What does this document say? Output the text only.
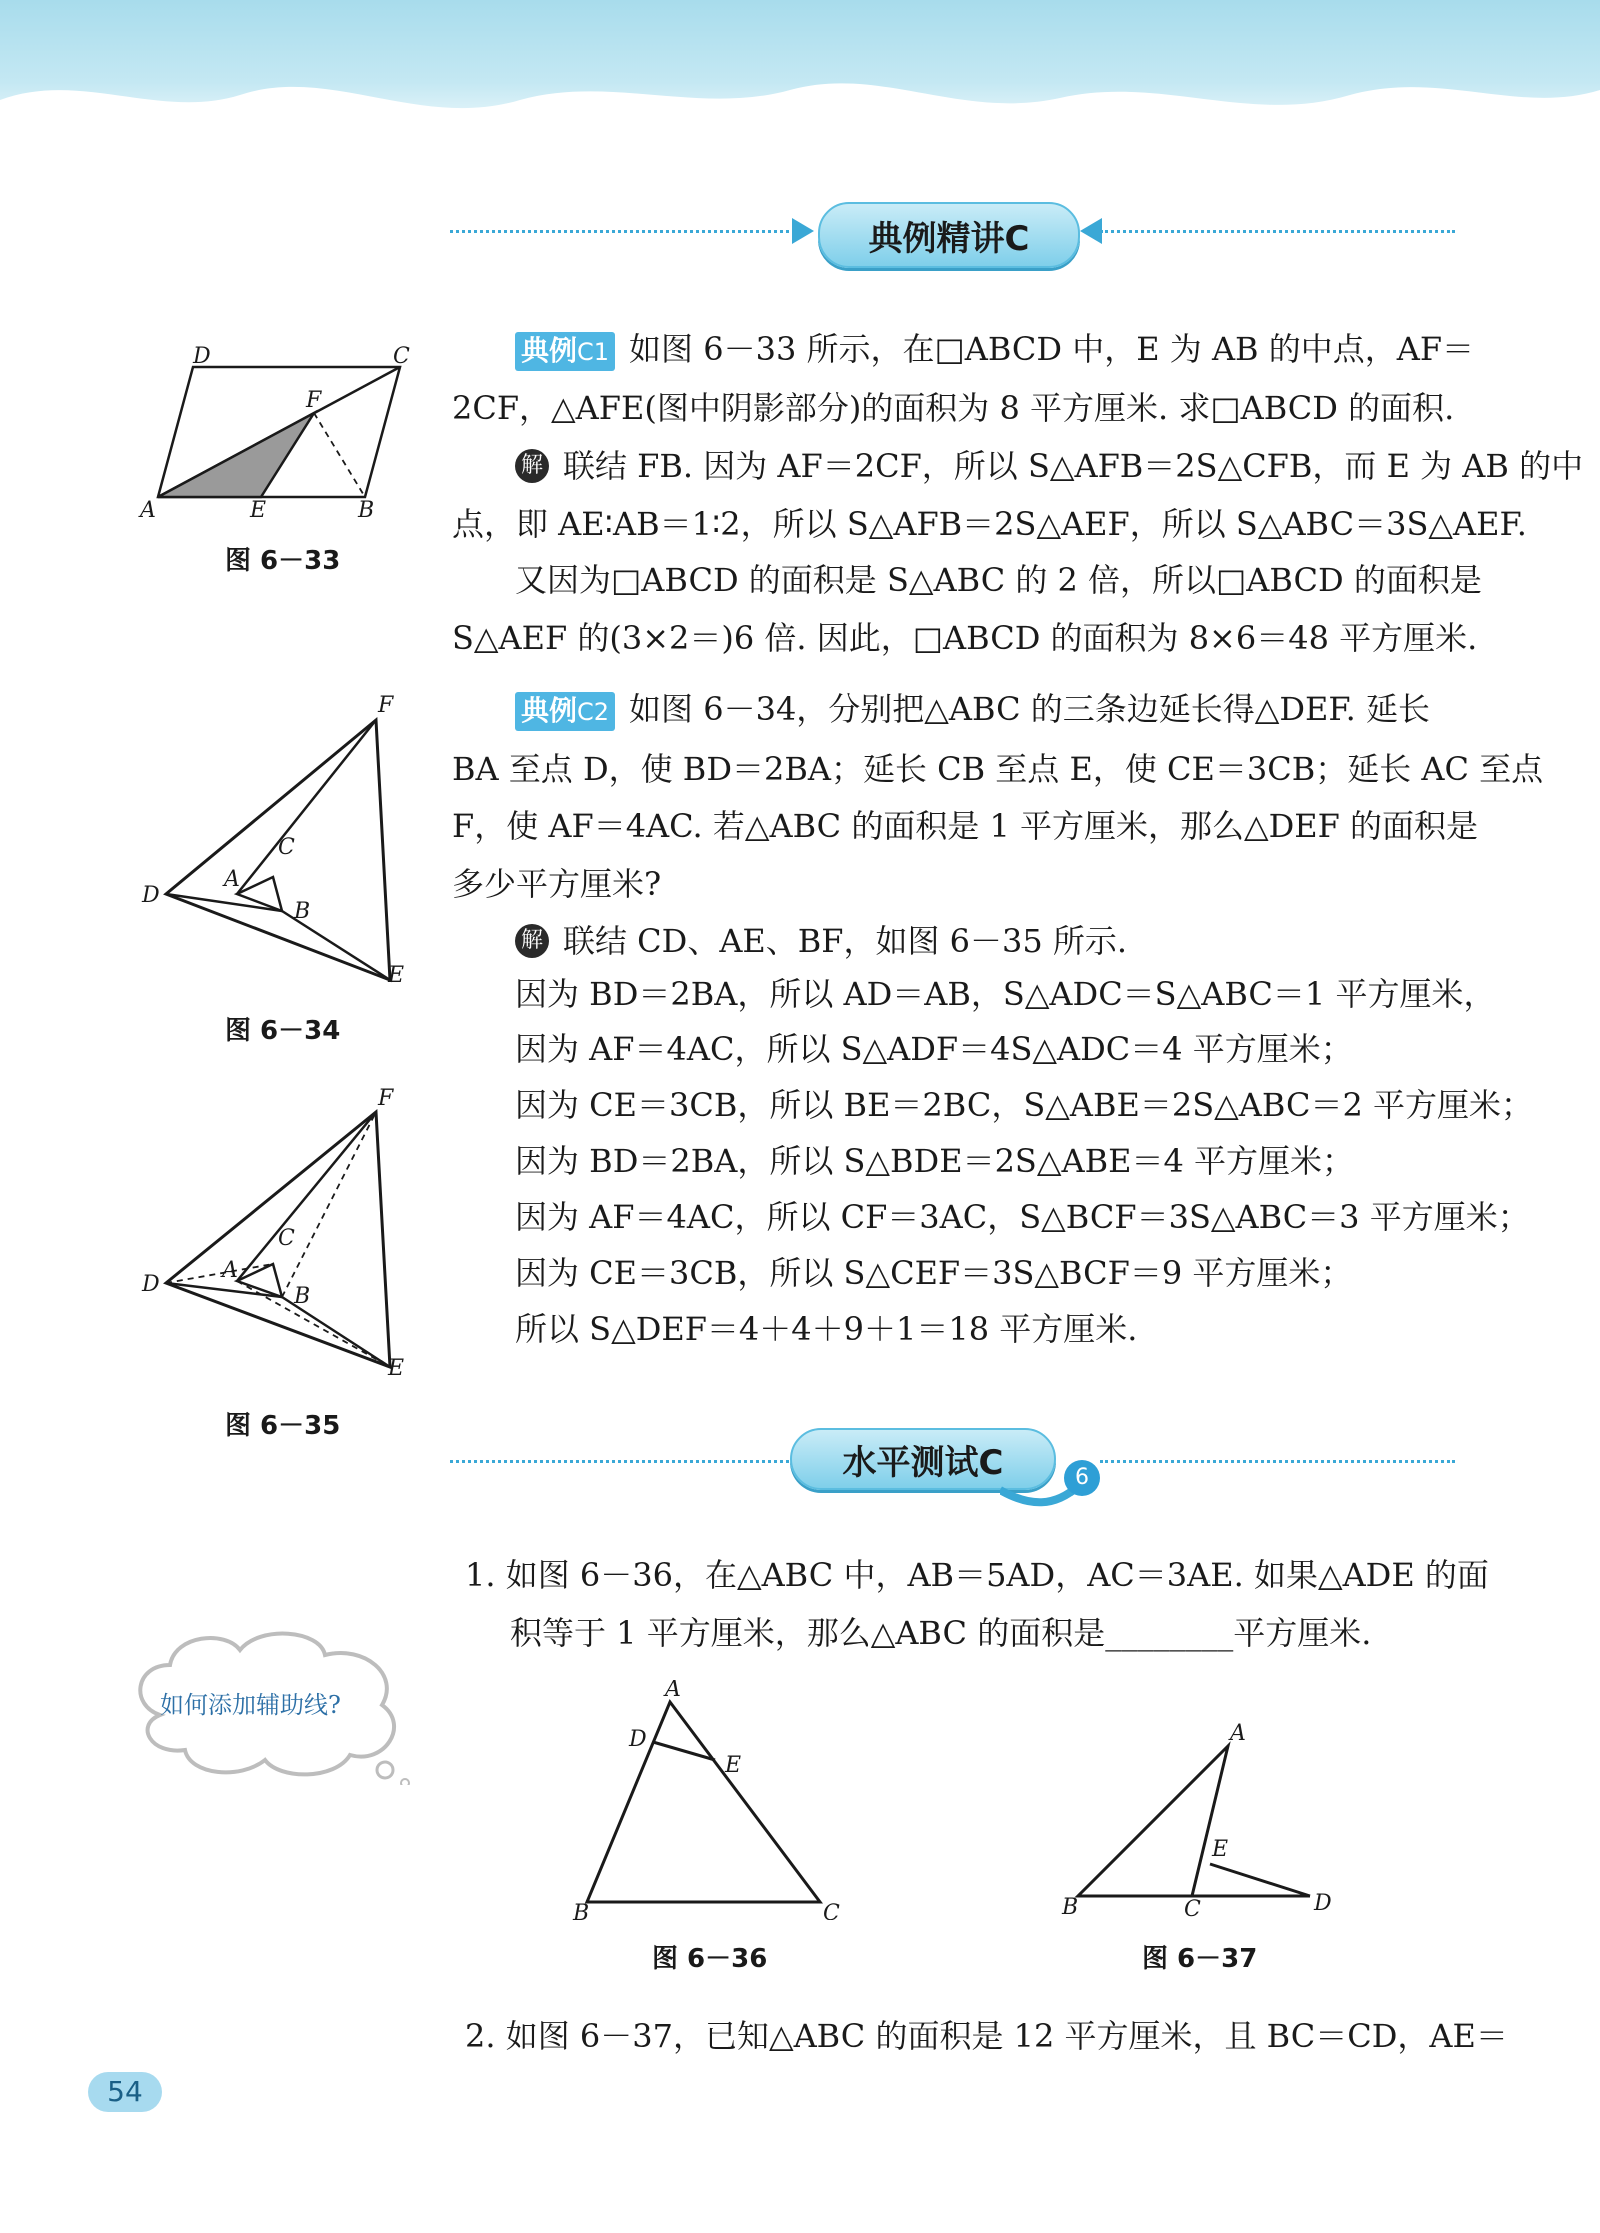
典例精讲C
D	C
F
A	E	B
图 6－33
典例C1 如图 6－33 所示，在□ABCD 中，E 为 AB 的中点，AF＝
2CF，△AFE(图中阴影部分)的面积为 8 平方厘米. 求□ABCD 的面积.
解 联结 FB. 因为 AF＝2CF，所以 S△AFB＝2S△CFB，而 E 为 AB 的中
点，即 AE∶AB＝1∶2，所以 S△AFB＝2S△AEF，所以 S△ABC＝3S△AEF.
又因为□ABCD 的面积是 S△ABC 的 2 倍，所以□ABCD 的面积是
S△AEF 的(3×2＝)6 倍. 因此，□ABCD 的面积为 8×6＝48 平方厘米.
F
C
A
D
B
E
图 6－34
F
C
A
D	B
E
图 6－35
典例C2 如图 6－34，分别把△ABC 的三条边延长得△DEF. 延长
BA 至点 D，使 BD＝2BA；延长 CB 至点 E，使 CE＝3CB；延长 AC 至点
F，使 AF＝4AC. 若△ABC 的面积是 1 平方厘米，那么△DEF 的面积是
多少平方厘米?
解 联结 CD、AE、BF，如图 6－35 所示.
因为 BD＝2BA，所以 AD＝AB，S△ADC＝S△ABC＝1 平方厘米，
因为 AF＝4AC，所以 S△ADF＝4S△ADC＝4 平方厘米；
因为 CE＝3CB，所以 BE＝2BC，S△ABE＝2S△ABC＝2 平方厘米；
因为 BD＝2BA，所以 S△BDE＝2S△ABE＝4 平方厘米；
因为 AF＝4AC，所以 CF＝3AC，S△BCF＝3S△ABC＝3 平方厘米；
因为 CE＝3CB，所以 S△CEF＝3S△BCF＝9 平方厘米；
所以 S△DEF＝4＋4＋9＋1＝18 平方厘米.
水平测试C	6
如何添加辅助线?
1. 如图 6－36，在△ABC 中，AB＝5AD，AC＝3AE. 如果△ADE 的面
积等于 1 平方厘米，那么△ABC 的面积是________平方厘米.
A
D
E
B	C
图 6－36
A
E
B	C	D
图 6－37
2. 如图 6－37，已知△ABC 的面积是 12 平方厘米，且 BC＝CD，AE＝
54
